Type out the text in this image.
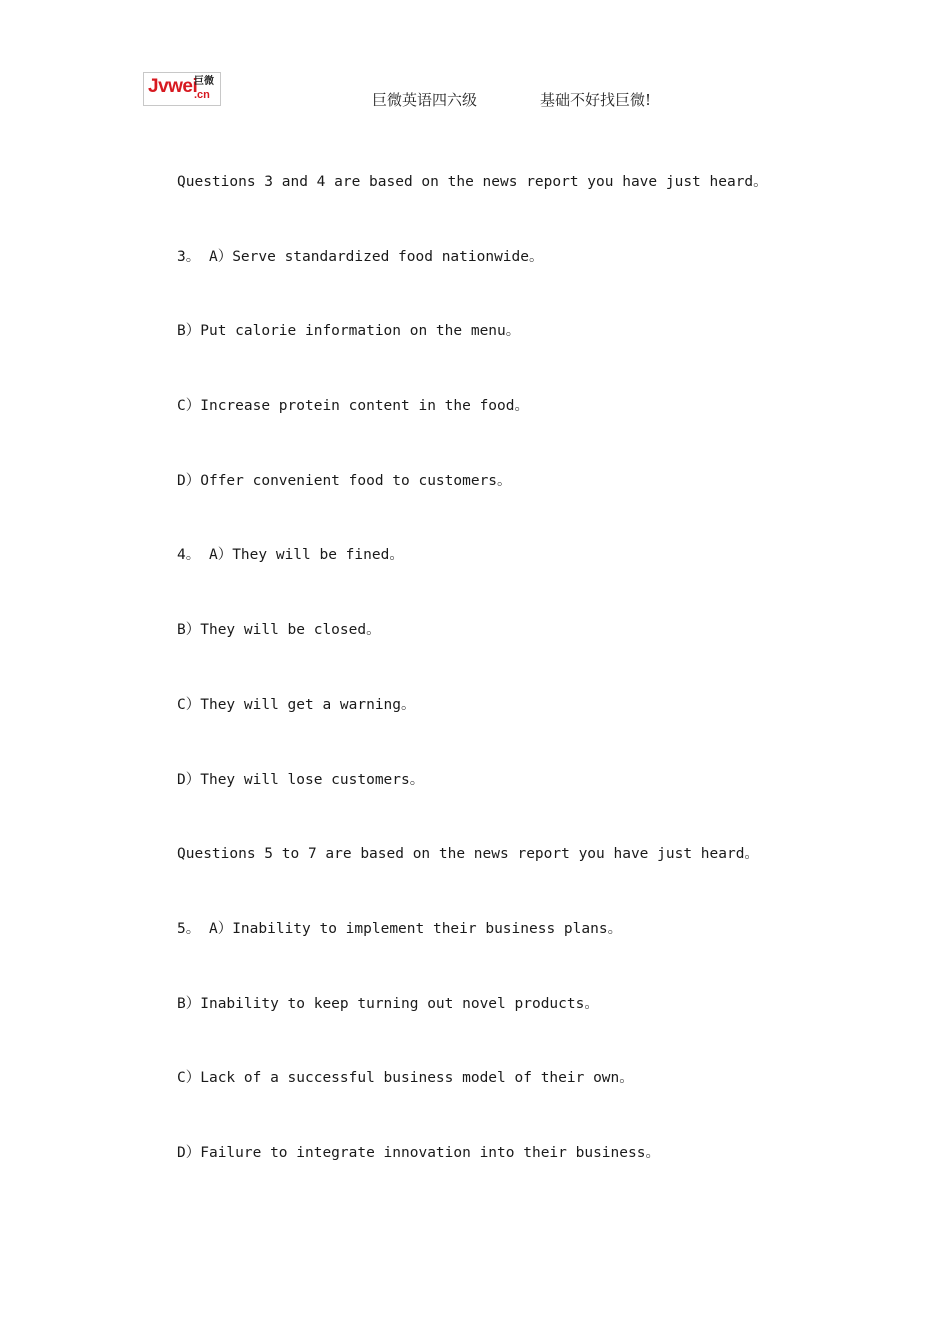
Jvwei
巨微
.cn	巨微英语四六级	基础不好找巨微!
Questions 3 and 4 are based on the news report you have just heard。
3。 A）Serve standardized food nationwide。
B）Put calorie information on the menu。
C）Increase protein content in the food。
D）Offer convenient food to customers。
4。 A）They will be fined。
B）They will be closed。
C）They will get a warning。
D）They will lose customers。
Questions 5 to 7 are based on the news report you have just heard。
5。 A）Inability to implement their business plans。
B）Inability to keep turning out novel products。
C）Lack of a successful business model of their own。
D）Failure to integrate innovation into their business。
